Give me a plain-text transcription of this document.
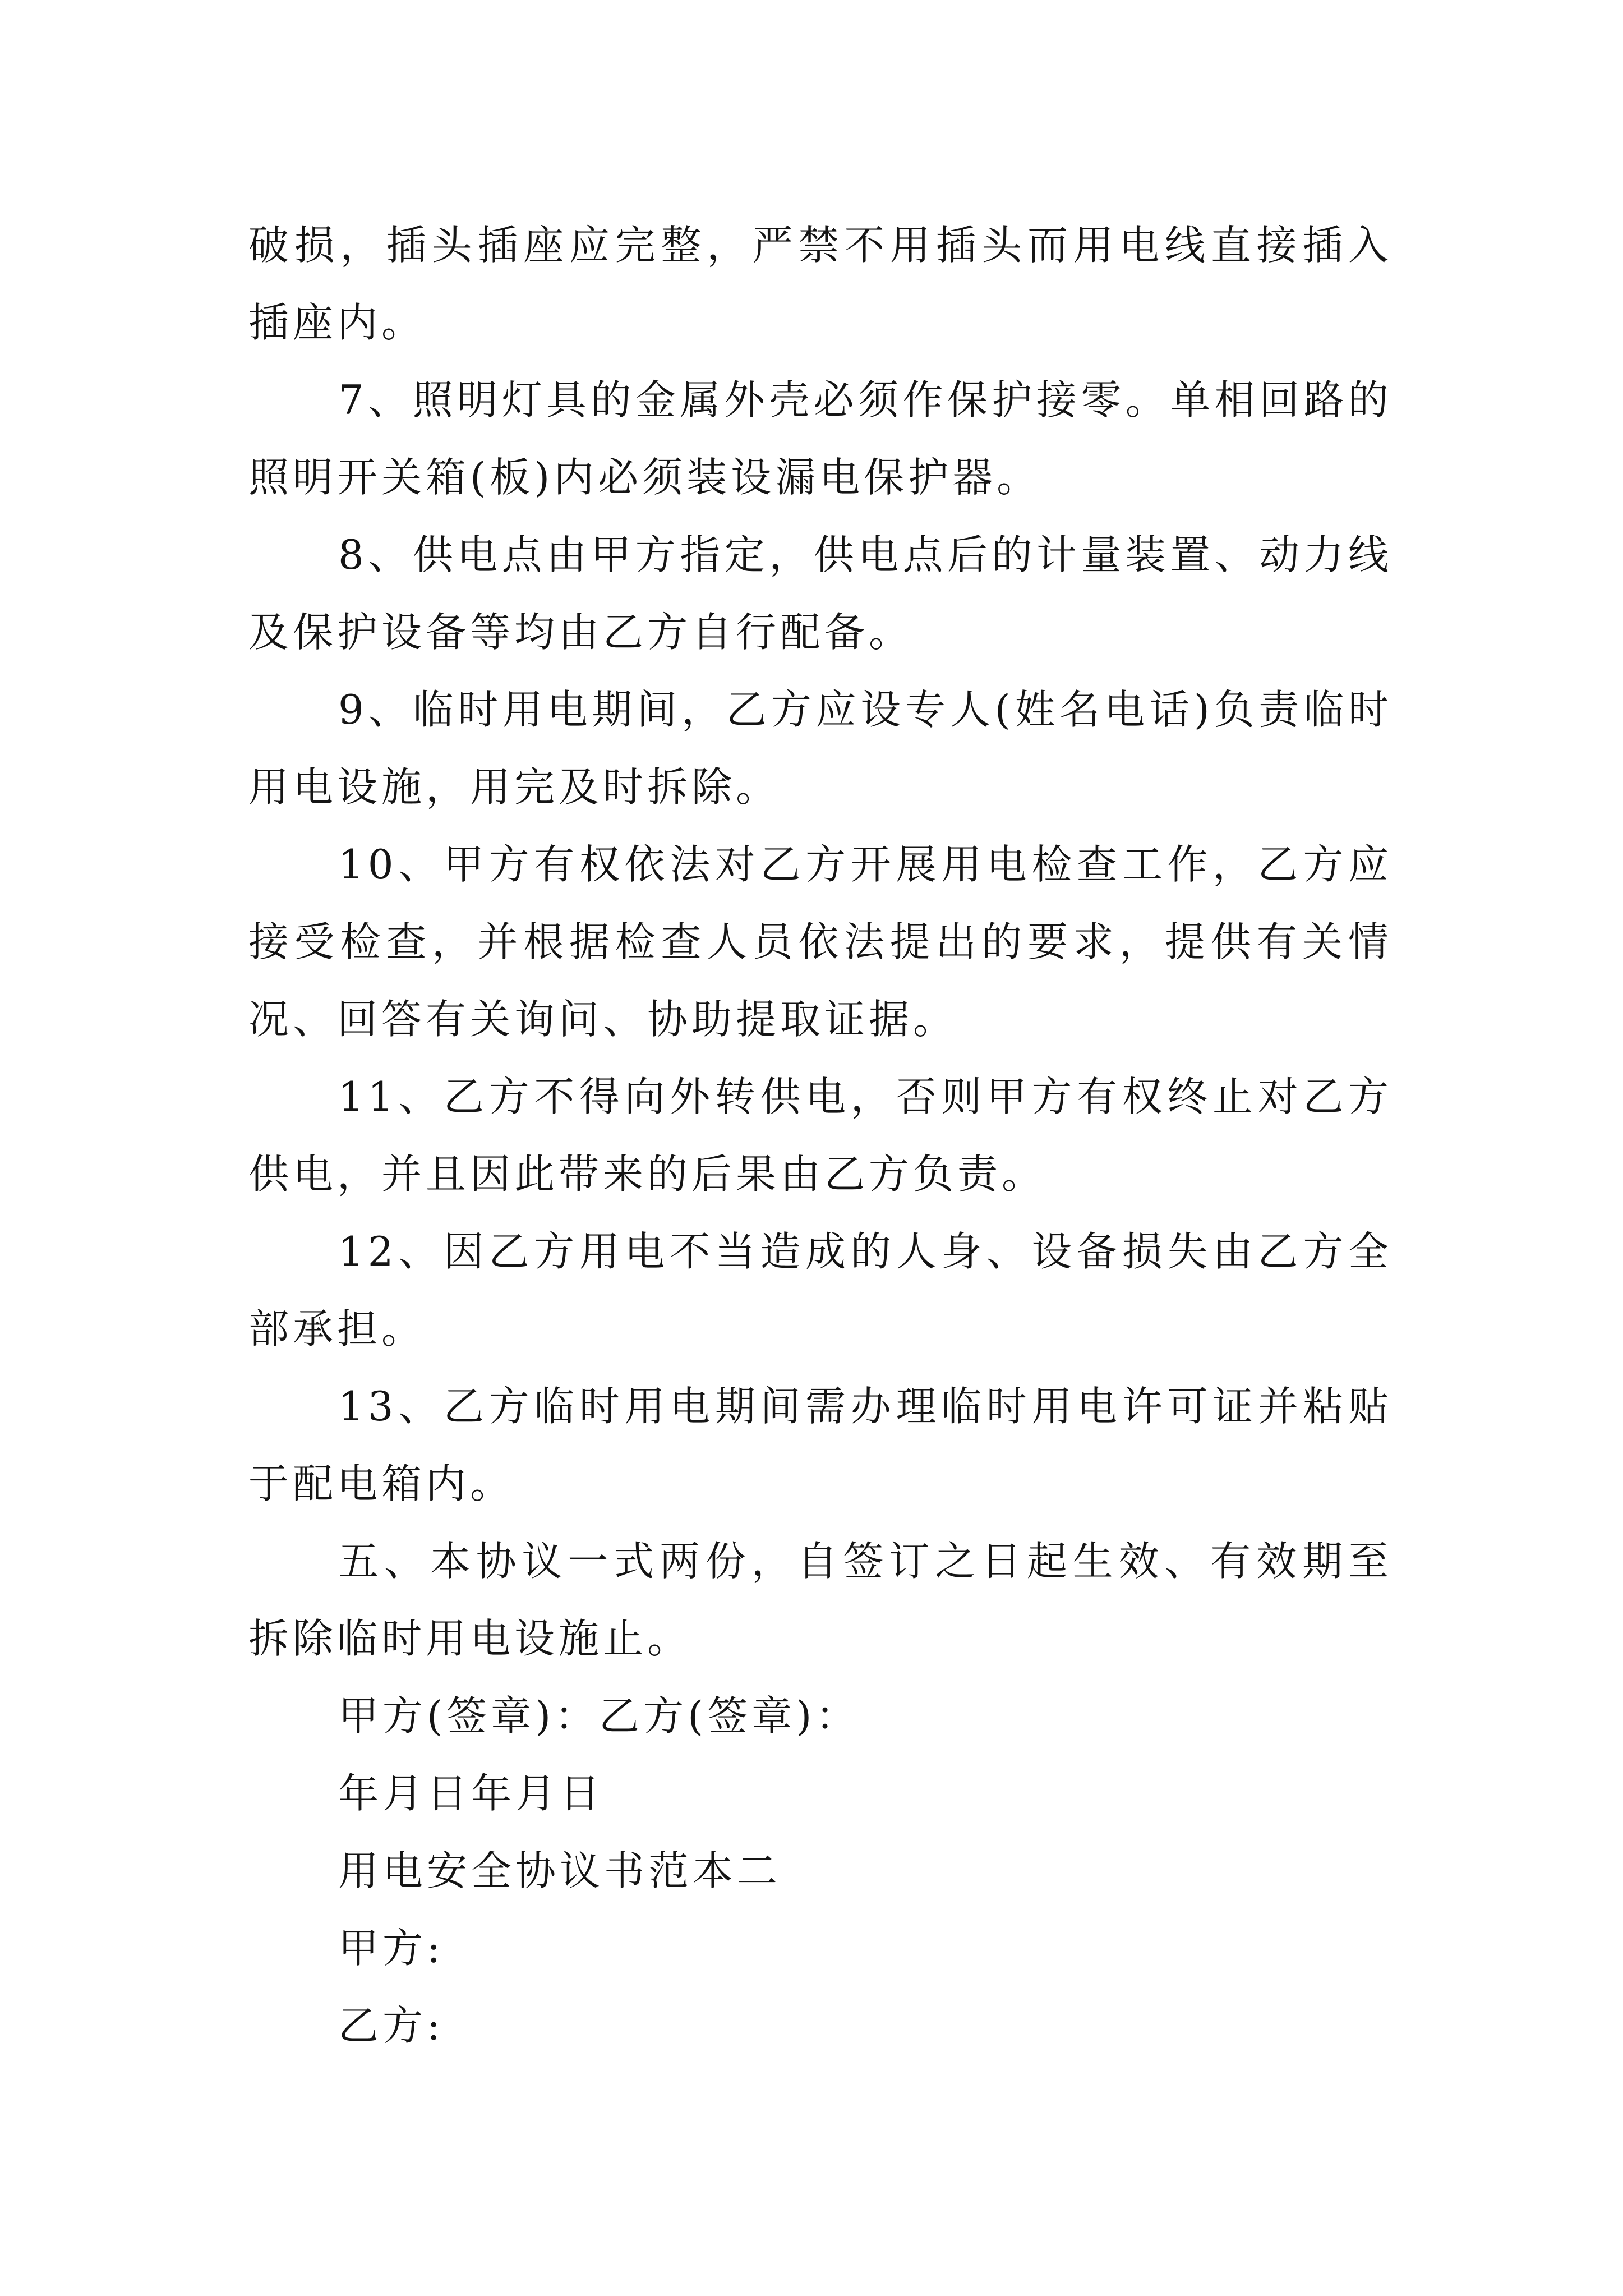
破损，插头插座应完整，严禁不用插头而用电线直接插入插座内。

7、照明灯具的金属外壳必须作保护接零。单相回路的照明开关箱(板)内必须装设漏电保护器。

8、供电点由甲方指定，供电点后的计量装置、动力线及保护设备等均由乙方自行配备。

9、临时用电期间，乙方应设专人(姓名电话)负责临时用电设施，用完及时拆除。

10、甲方有权依法对乙方开展用电检查工作，乙方应接受检查，并根据检查人员依法提出的要求，提供有关情况、回答有关询问、协助提取证据。

11、乙方不得向外转供电，否则甲方有权终止对乙方供电，并且因此带来的后果由乙方负责。

12、因乙方用电不当造成的人身、设备损失由乙方全部承担。

13、乙方临时用电期间需办理临时用电许可证并粘贴于配电箱内。

五、本协议一式两份，自签订之日起生效、有效期至拆除临时用电设施止。

甲方(签章)：乙方(签章)：

年月日年月日

用电安全协议书范本二

甲方:

乙方:
